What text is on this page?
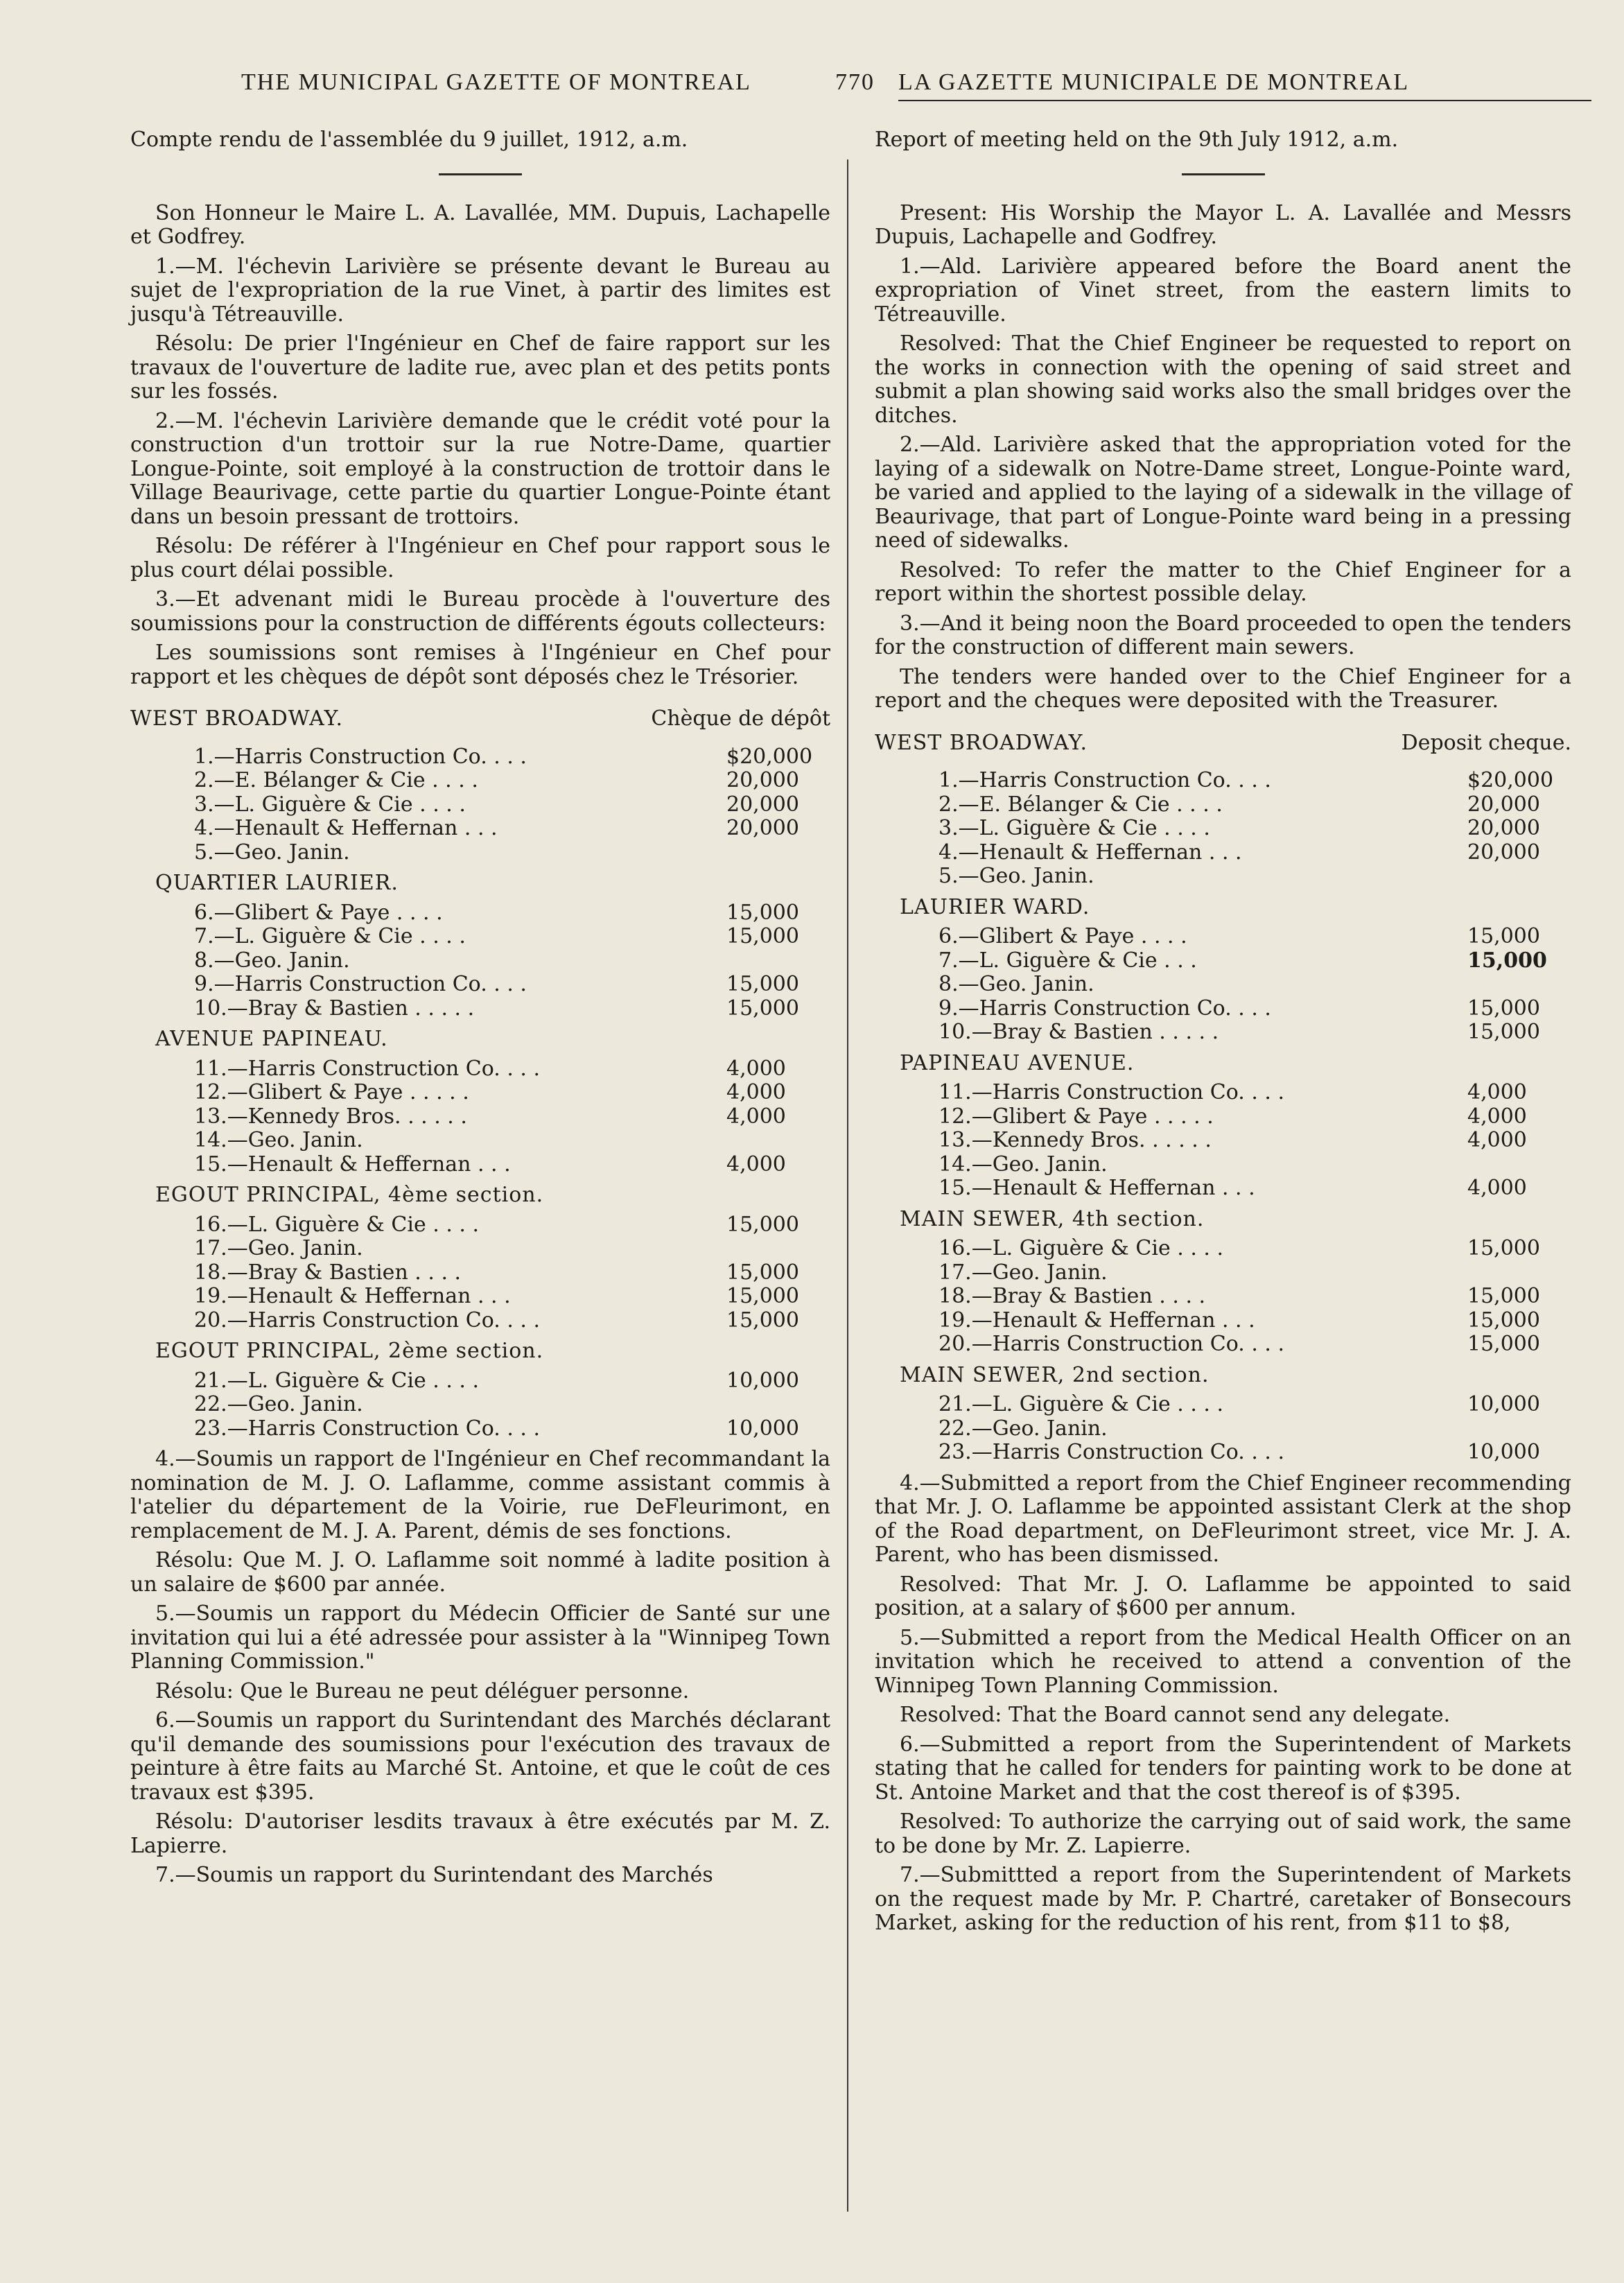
THE MUNICIPAL GAZETTE OF MONTREAL	770 LA GAZETTE MUNICIPALE DE MONTREAL

Compte rendu de l'assemblée du 9 juillet, 1912, a.m.

Son Honneur le Maire L. A. Lavallée, MM. Dupuis, Lachapelle et Godfrey.

1.—M. l'échevin Larivière se présente devant le Bureau au sujet de l'expropriation de la rue Vinet, à partir des limites est jusqu'à Tétreauville.

Résolu: De prier l'Ingénieur en Chef de faire rapport sur les travaux de l'ouverture de ladite rue, avec plan et des petits ponts sur les fossés.

2.—M. l'échevin Larivière demande que le crédit voté pour la construction d'un trottoir sur la rue Notre-Dame, quartier Longue-Pointe, soit employé à la construction de trottoir dans le Village Beaurivage, cette partie du quartier Longue-Pointe étant dans un besoin pressant de trottoirs.

Résolu: De référer à l'Ingénieur en Chef pour rapport sous le plus court délai possible.

3.—Et advenant midi le Bureau procède à l'ouverture des soumissions pour la construction de différents égouts collecteurs:

Les soumissions sont remises à l'Ingénieur en Chef pour rapport et les chèques de dépôt sont déposés chez le Trésorier.

WEST BROADWAY.	Chèque de dépôt
1.—Harris Construction Co. . . .	$20,000
2.—E. Bélanger & Cie . . . .	20,000
3.—L. Giguère & Cie . . . .	20,000
4.—Henault & Heffernan . . .	20,000
5.—Geo. Janin.

QUARTIER LAURIER.

6.—Glibert & Paye . . . .	15,000
7.—L. Giguère & Cie . . . .	15,000
8.—Geo. Janin.
9.—Harris Construction Co. . . .	15,000
10.—Bray & Bastien . . . . .	15,000

AVENUE PAPINEAU.

11.—Harris Construction Co. . . .	4,000
12.—Glibert & Paye . . . . .	4,000
13.—Kennedy Bros. . . . . .	4,000
14.—Geo. Janin.
15.—Henault & Heffernan . . .	4,000

EGOUT PRINCIPAL, 4ème section.

16.—L. Giguère & Cie . . . .	15,000
17.—Geo. Janin.
18.—Bray & Bastien . . . .	15,000
19.—Henault & Heffernan . . .	15,000
20.—Harris Construction Co. . . .	15,000

EGOUT PRINCIPAL, 2ème section.

21.—L. Giguère & Cie . . . .	10,000
22.—Geo. Janin.
23.—Harris Construction Co. . . .	10,000

4.—Soumis un rapport de l'Ingénieur en Chef recommandant la nomination de M. J. O. Laflamme, comme assistant commis à l'atelier du département de la Voirie, rue DeFleurimont, en remplacement de M. J. A. Parent, démis de ses fonctions.

Résolu: Que M. J. O. Laflamme soit nommé à ladite position à un salaire de $600 par année.

5.—Soumis un rapport du Médecin Officier de Santé sur une invitation qui lui a été adressée pour assister à la "Winnipeg Town Planning Commission."

Résolu: Que le Bureau ne peut déléguer personne.

6.—Soumis un rapport du Surintendant des Marchés déclarant qu'il demande des soumissions pour l'exécution des travaux de peinture à être faits au Marché St. Antoine, et que le coût de ces travaux est $395.

Résolu: D'autoriser lesdits travaux à être exécutés par M. Z. Lapierre.

7.—Soumis un rapport du Surintendant des Marchés

Report of meeting held on the 9th July 1912, a.m.

Present: His Worship the Mayor L. A. Lavallée and Messrs Dupuis, Lachapelle and Godfrey.

1.—Ald. Larivière appeared before the Board anent the expropriation of Vinet street, from the eastern limits to Tétreauville.

Resolved: That the Chief Engineer be requested to report on the works in connection with the opening of said street and submit a plan showing said works also the small bridges over the ditches.

2.—Ald. Larivière asked that the appropriation voted for the laying of a sidewalk on Notre-Dame street, Longue-Pointe ward, be varied and applied to the laying of a sidewalk in the village of Beaurivage, that part of Longue-Pointe ward being in a pressing need of sidewalks.

Resolved: To refer the matter to the Chief Engineer for a report within the shortest possible delay.

3.—And it being noon the Board proceeded to open the tenders for the construction of different main sewers.

The tenders were handed over to the Chief Engineer for a report and the cheques were deposited with the Treasurer.

WEST BROADWAY.	Deposit cheque.
1.—Harris Construction Co. . . .	$20,000
2.—E. Bélanger & Cie . . . .	20,000
3.—L. Giguère & Cie . . . .	20,000
4.—Henault & Heffernan . . .	20,000
5.—Geo. Janin.

LAURIER WARD.

6.—Glibert & Paye . . . .	15,000
7.—L. Giguère & Cie . . .	15,000
8.—Geo. Janin.
9.—Harris Construction Co. . . .	15,000
10.—Bray & Bastien . . . . .	15,000

PAPINEAU AVENUE.

11.—Harris Construction Co. . . .	4,000
12.—Glibert & Paye . . . . .	4,000
13.—Kennedy Bros. . . . . .	4,000
14.—Geo. Janin.
15.—Henault & Heffernan . . .	4,000

MAIN SEWER, 4th section.

16.—L. Giguère & Cie . . . .	15,000
17.—Geo. Janin.
18.—Bray & Bastien . . . .	15,000
19.—Henault & Heffernan . . .	15,000
20.—Harris Construction Co. . . .	15,000

MAIN SEWER, 2nd section.

21.—L. Giguère & Cie . . . .	10,000
22.—Geo. Janin.
23.—Harris Construction Co. . . .	10,000

4.—Submitted a report from the Chief Engineer recommending that Mr. J. O. Laflamme be appointed assistant Clerk at the shop of the Road department, on DeFleurimont street, vice Mr. J. A. Parent, who has been dismissed.

Resolved: That Mr. J. O. Laflamme be appointed to said position, at a salary of $600 per annum.

5.—Submitted a report from the Medical Health Officer on an invitation which he received to attend a convention of the Winnipeg Town Planning Commission.

Resolved: That the Board cannot send any delegate.

6.—Submitted a report from the Superintendent of Markets stating that he called for tenders for painting work to be done at St. Antoine Market and that the cost thereof is of $395.

Resolved: To authorize the carrying out of said work, the same to be done by Mr. Z. Lapierre.

7.—Submittted a report from the Superintendent of Markets on the request made by Mr. P. Chartré, caretaker of Bonsecours Market, asking for the reduction of his rent, from $11 to $8,
